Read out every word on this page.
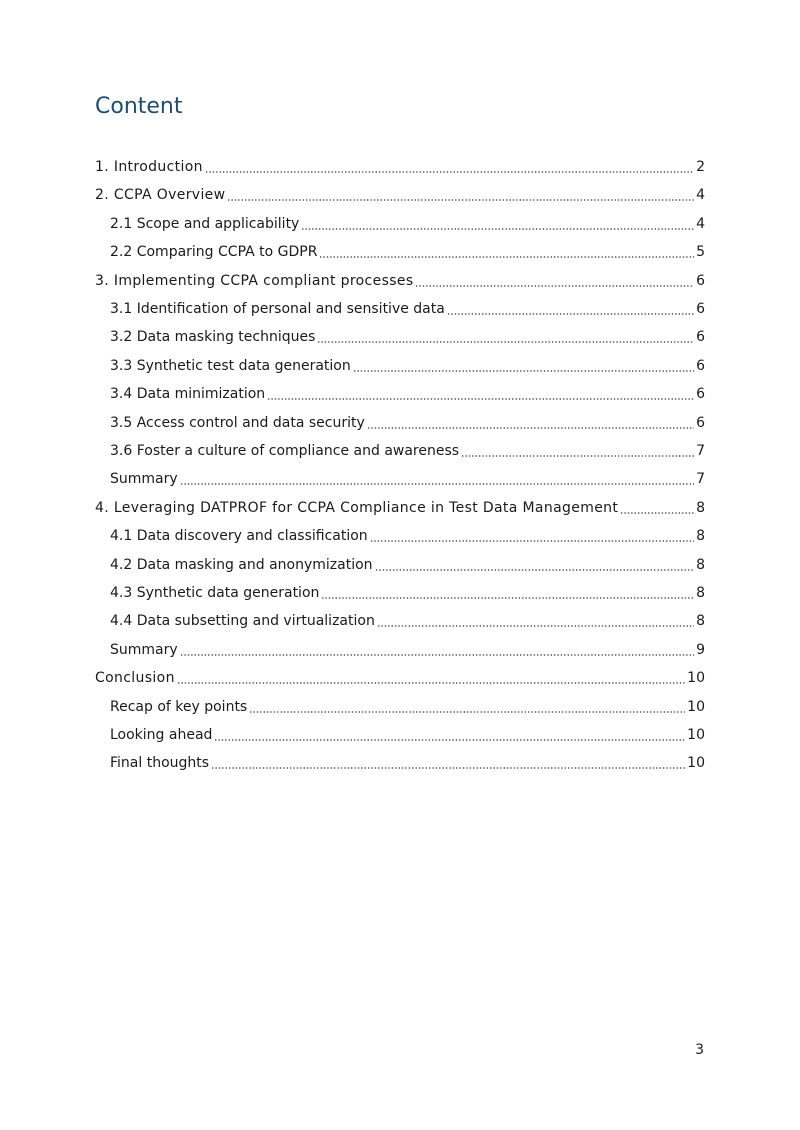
Content
1. Introduction	2
2. CCPA Overview	4
2.1 Scope and applicability	4
2.2 Comparing CCPA to GDPR	5
3. Implementing CCPA compliant processes	6
3.1 Identification of personal and sensitive data	6
3.2 Data masking techniques	6
3.3 Synthetic test data generation	6
3.4 Data minimization	6
3.5 Access control and data security	6
3.6 Foster a culture of compliance and awareness	7
Summary	7
4. Leveraging DATPROF for CCPA Compliance in Test Data Management	8
4.1 Data discovery and classification	8
4.2 Data masking and anonymization	8
4.3 Synthetic data generation	8
4.4 Data subsetting and virtualization	8
Summary	9
Conclusion	10
Recap of key points	10
Looking ahead	10
Final thoughts	10
3
